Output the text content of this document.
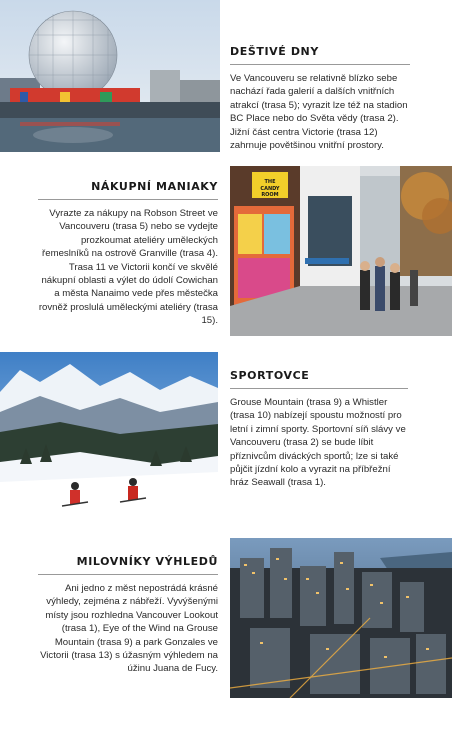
DEŠTIVÉ DNY

Ve Vancouveru se relativně blízko sebe nachází řada galerií a dalších vnitřních atrakcí (trasa 5); vyrazit lze též na stadion BC Place nebo do Světa vědy (trasa 2). Jižní část centra Victorie (trasa 12) zahrnuje povětšinou vnitřní prostory.

THE
CANDY
ROOM
NÁKUPNÍ MANIAKY

Vyrazte za nákupy na Robson Street ve Vancouveru (trasa 5) nebo se vydejte prozkoumat ateliéry uměleckých řemeslníků na ostrově Granville (trasa 4). Trasa 11 ve Victorii končí ve skvělé nákupní oblasti a výlet do údolí Cowichan a města Nanaimo vede přes městečka rovněž proslulá uměleckými ateliéry (trasa 15).

SPORTOVCE

Grouse Mountain (trasa 9) a Whistler (trasa 10) nabízejí spoustu možností pro letní i zimní sporty. Sportovní síň slávy ve Vancouveru (trasa 2) se bude líbit příznivcům diváckých sportů; lze si také půjčit jízdní kolo a vyrazit na příbřežní hráz Seawall (trasa 1).

MILOVNÍKY VÝHLEDŮ

Ani jedno z měst nepostrádá krásné výhledy, zejména z nábřeží. Vyvýšenými místy jsou rozhledna Vancouver Lookout (trasa 1), Eye of the Wind na Grouse Mountain (trasa 9) a park Gonzales ve Victorii (trasa 13) s úžasným výhledem na úžinu Juana de Fucy.
